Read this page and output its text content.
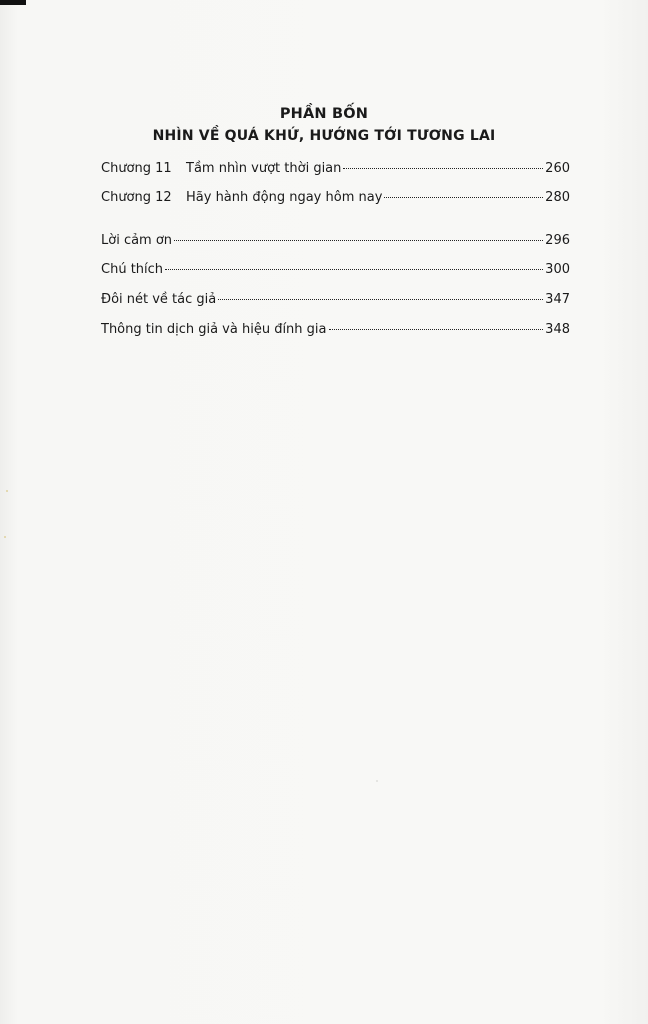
PHẦN BỐN
NHÌN VỀ QUÁ KHỨ, HƯỚNG TỚI TƯƠNG LAI
Chương 11	Tầm nhìn vượt thời gian	260
Chương 12	Hãy hành động ngay hôm nay	280
Lời cảm ơn	296
Chú thích	300
Đôi nét về tác giả	347
Thông tin dịch giả và hiệu đính gia	348
